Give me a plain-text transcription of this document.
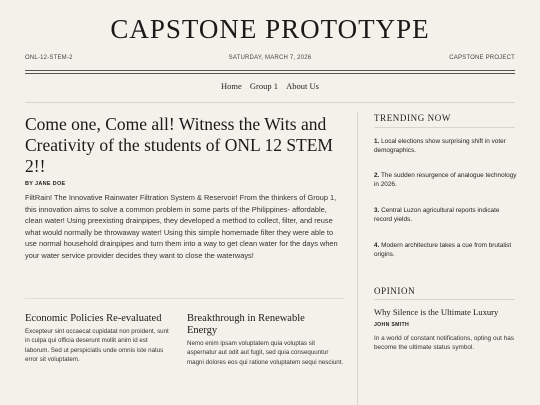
CAPSTONE PROTOTYPE
SATURDAY, MARCH 7, 2026
ONL-12-STEM-2	CAPSTONE PROJECT
Home Group 1 About Us
Come one, Come all! Witness the Wits and Creativity of the students of ONL 12 STEM 2!!
BY JANE DOE
FiltRain! The Innovative Rainwater Filtration System & Reservoir! From the thinkers of Group 1, this innovation aims to solve a common problem in some parts of the Philippines- affordable, clean water! Using preexisting drainpipes, they developed a method to collect, filter, and reuse what would normally be throwaway water! Using this simple homemade filter they were able to use normal household drainpipes and turn them into a way to get clean water for the days when your water service provider decides they want to close the waterways!
Economic Policies Re-evaluated
Excepteur sint occaecat cupidatat non proident, sunt in culpa qui officia deserunt mollit anim id est laborum. Sed ut perspiciatis unde omnis iste natus error sit voluptatem.
Breakthrough in Renewable Energy
Nemo enim ipsam voluptatem quia voluptas sit aspernatur aut odit aut fugit, sed quia consequuntur magni dolores eos qui ratione voluptatem sequi nesciunt.
TRENDING NOW
1. Local elections show surprising shift in voter demographics.
2. The sudden resurgence of analogue technology in 2026.
3. Central Luzon agricultural reports indicate record yields.
4. Modern architecture takes a cue from brutalist origins.
OPINION
Why Silence is the Ultimate Luxury
JOHN SMITH
In a world of constant notifications, opting out has become the ultimate status symbol.
